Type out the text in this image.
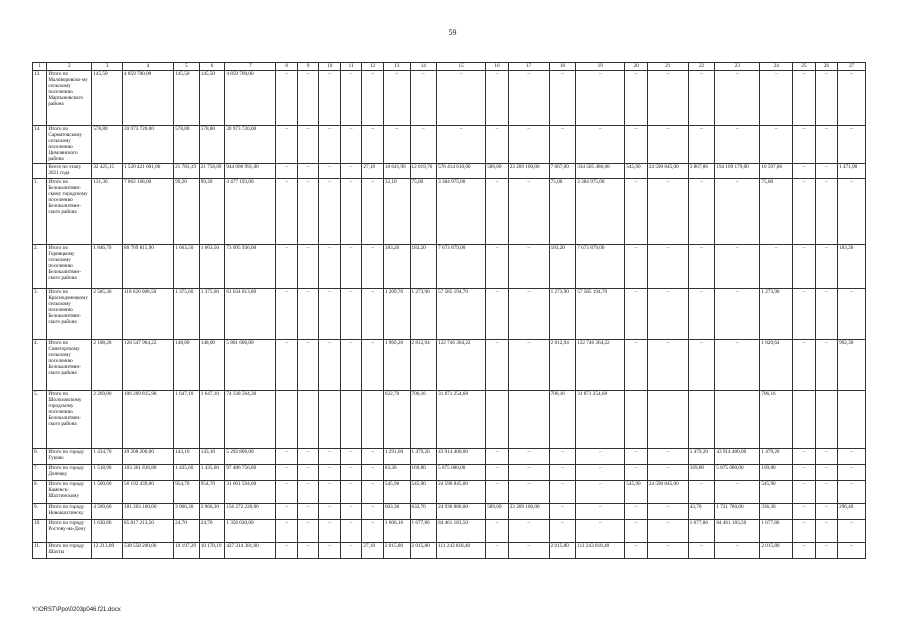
59
1	2	3	4	5	6	7	8	9	10	11	12	13	14	15	16	17	18	19	20	21	22	23	24	25	26	27
13.	Итого по Маловоровско-му сельскому поселению Мартыновского района	145,50	4 859 700,00	145,50	145,50	4 859 700,00	–	–	–	–	–	–	–	–	–	–	–	–	–	–	–	–	–	–	–	–
14.	Итого по Сарматовскому сельскому поселению Цимлянского района	578,80	20 973 720,00	578,80	578,80	20 973 720,00	–	–	–	–	–	–	–	–	–	–	–	–	–	–	–	–	–	–	–	–
	Всего по этапу 2021 года	32 425,15	1 520 421 601,00	21 783,19	21 756,09	944 006 991,00	–	–	–	–	27,10	10 641,96	12 019,76	576 414 610,00	589,00	23 209 100,00	7 067,00	334 505 486,00	545,90	24 590 845,00	3 867,86	194 109 179,00	10 597,86	–	–	1 471,90
1.	Итого по Белокалитвин-скому городскому поселению Белокалитвин-ского района	131,30	7 862 168,00	99,20	99,20	4 477 193,00	–	–	–	–	–	32,10	75,00	3 384 975,00	–	–	75,00	3 384 975,00	–	–	–	–	75,00	–	–	–
2.	Итого по Горняцкому сельскому поселению Белокалитвин-ского района	1 846,70	80 769 815,90	1 663,50	1 663,50	73 095 936,00	–	–	–	–	–	183,20	183,20	7 673 879,00	–	–	183,20	7 673 879,00	–	–	–	–	–	–	–	183,20
3.	Итого по Краснодонецкому сельскому поселению Белокалитвин-ского района	2 585,30	118 620 008,50	1 375,60	1 375,60	61 034 813,80	–	–	–	–	–	1 209,70	1 273,90	57 585 194,70	–	–	1 273,90	57 585 194,70	–	–	–	–	1 273,90	–	–	–
4.	Итого по Синегорскому сельскому поселению Белокалитвин-ского района	2 108,20	128 547 964,22	148,00	148,00	5 801 600,00	–	–	–	–	–	1 960,20	2 812,94	122 746 364,22	–	–	2 812,94	122 746 364,22	–	–	–	–	1 820,64	–	–	992,30
5.	Итого по Шолоховскому городскому поселению Белокалитвин-ского района	2 269,80	106 209 815,98	1 647,10	1 647,10	74 338 564,30						622,70	706,16	31 871 254,68			706,16	31 871 254,68					706,16			
6.	Итого по городу Гуково	1 434,70	49 208 200,00	143,10	143,10	5 293 800,00	–	–	–	–	–	1 291,60	1 479,20	43 914 400,00	–	–	–	–	–	–	1 479,20	43 914 400,00	1 479,20	–	–	–
7.	Итого по городу Донецку	1 518,90	103 361 836,80	1 435,60	1 435,60	97 486 756,80	–	–	–	–	–	83,30	169,80	5 875 080,00	–	–	–	–	–	–	169,80	5 875 080,00	169,80	–	–	–
8.	Итого по городу Каменск-Шахтинскому	1 500,60	56 192 439,00	954,70	954,70	31 601 594,00	–	–	–	–	–	545,90	545,90	24 590 845,00	–	–	–	–	545,90	24 590 845,00	–	–	545,90	–	–	–
9.	Итого по городу Новошахтинску	4 569,60	181 203 100,00	3 966,30	3 966,30	156 272 220,00	–	–	–	–	–	603,30	632,70	24 930 880,00	589,00	23 209 100,00	–	–	–	–	43,70	1 721 780,00	336,30	–	–	296,40
10.	Итого по городу Ростову-на-Дону	1 630,86	85 817 213,50	24,70	24,70	1 356 030,00	–	–	–	–	–	1 606,16	1 677,86	84 461 183,50	–	–	–	–	–	–	1 677,86	84 461 183,50	1 677,86	–	–	–
11.	Итого по городу Шахты	12 213,09	538 558 200,00	10 197,29	10 170,19	427 314 381,60	–	–	–	–	27,10	2 015,80	2 015,80	111 243 818,40	–	–	2 015,80	111 243 818,40	–	–	–	–	2 015,80	–	–	–
Y:\ORST\Ppo\0203p046.f21.docx
